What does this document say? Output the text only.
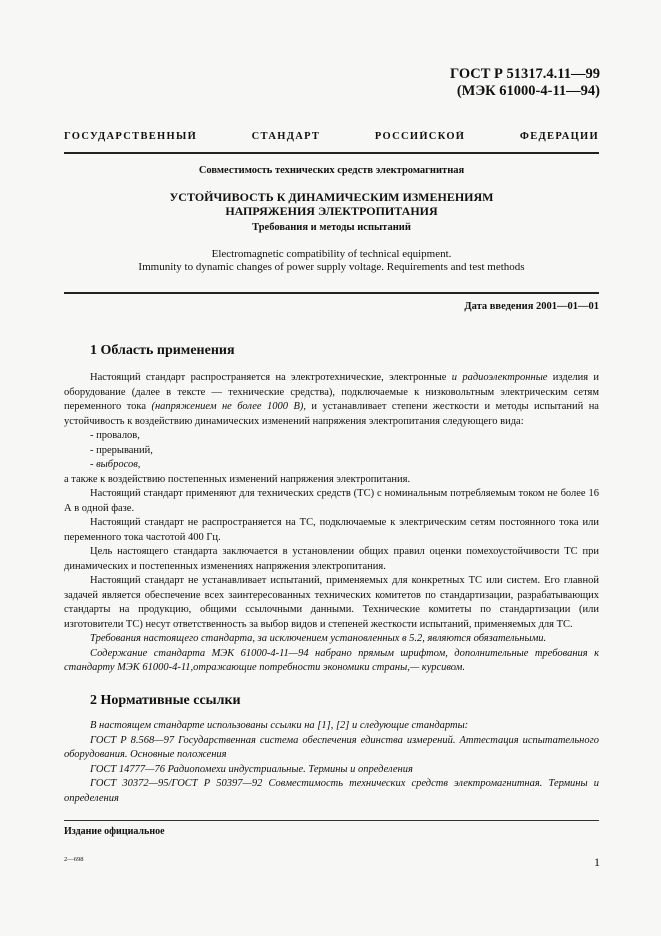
ГОСТ Р 51317.4.11—99
(МЭК 61000-4-11—94)
ГОСУДАРСТВЕННЫЙ СТАНДАРТ РОССИЙСКОЙ ФЕДЕРАЦИИ
Совместимость технических средств электромагнитная
УСТОЙЧИВОСТЬ К ДИНАМИЧЕСКИМ ИЗМЕНЕНИЯМ
НАПРЯЖЕНИЯ ЭЛЕКТРОПИТАНИЯ
Требования и методы испытаний
Electromagnetic compatibility of technical equipment.
Immunity to dynamic changes of power supply voltage. Requirements and test methods
Дата введения 2001—01—01
1 Область применения

Настоящий стандарт распространяется на электротехнические, электронные и радиоэлектронные изделия и оборудование (далее в тексте — технические средства), подключаемые к низковольтным электрическим сетям переменного тока (напряжением не более 1000 В), и устанавливает степени жесткости и методы испытаний на устойчивость к воздействию динамических изменений напряжения электропитания следующего вида:

- провалов,

- прерываний,

- выбросов,

а также к воздействию постепенных изменений напряжения электропитания.

Настоящий стандарт применяют для технических средств (ТС) с номинальным потребляемым током не более 16 А в одной фазе.

Настоящий стандарт не распространяется на ТС, подключаемые к электрическим сетям постоянного тока или переменного тока частотой 400 Гц.

Цель настоящего стандарта заключается в установлении общих правил оценки помехоустойчивости ТС при динамических и постепенных изменениях напряжения электропитания.

Настоящий стандарт не устанавливает испытаний, применяемых для конкретных ТС или систем. Его главной задачей является обеспечение всех заинтересованных технических комитетов по стандартизации, разрабатывающих стандарты на продукцию, общими ссылочными данными. Технические комитеты по стандартизации (или изготовители ТС) несут ответственность за выбор видов и степеней жесткости испытаний, применяемых для ТС.

Требования настоящего стандарта, за исключением установленных в 5.2, являются обязательными.

Содержание стандарта МЭК 61000-4-11—94 набрано прямым шрифтом, дополнительные требования к стандарту МЭК 61000-4-11,отражающие потребности экономики страны,— курсивом.

2 Нормативные ссылки

В настоящем стандарте использованы ссылки на [1], [2] и следующие стандарты:

ГОСТ Р 8.568—97 Государственная система обеспечения единства измерений. Аттестация испытательного оборудования. Основные положения

ГОСТ 14777—76 Радиопомехи индустриальные. Термины и определения

ГОСТ 30372—95/ГОСТ Р 50397—92 Совместимость технических средств электромагнитная. Термины и определения

Издание официальное
2—698	1
